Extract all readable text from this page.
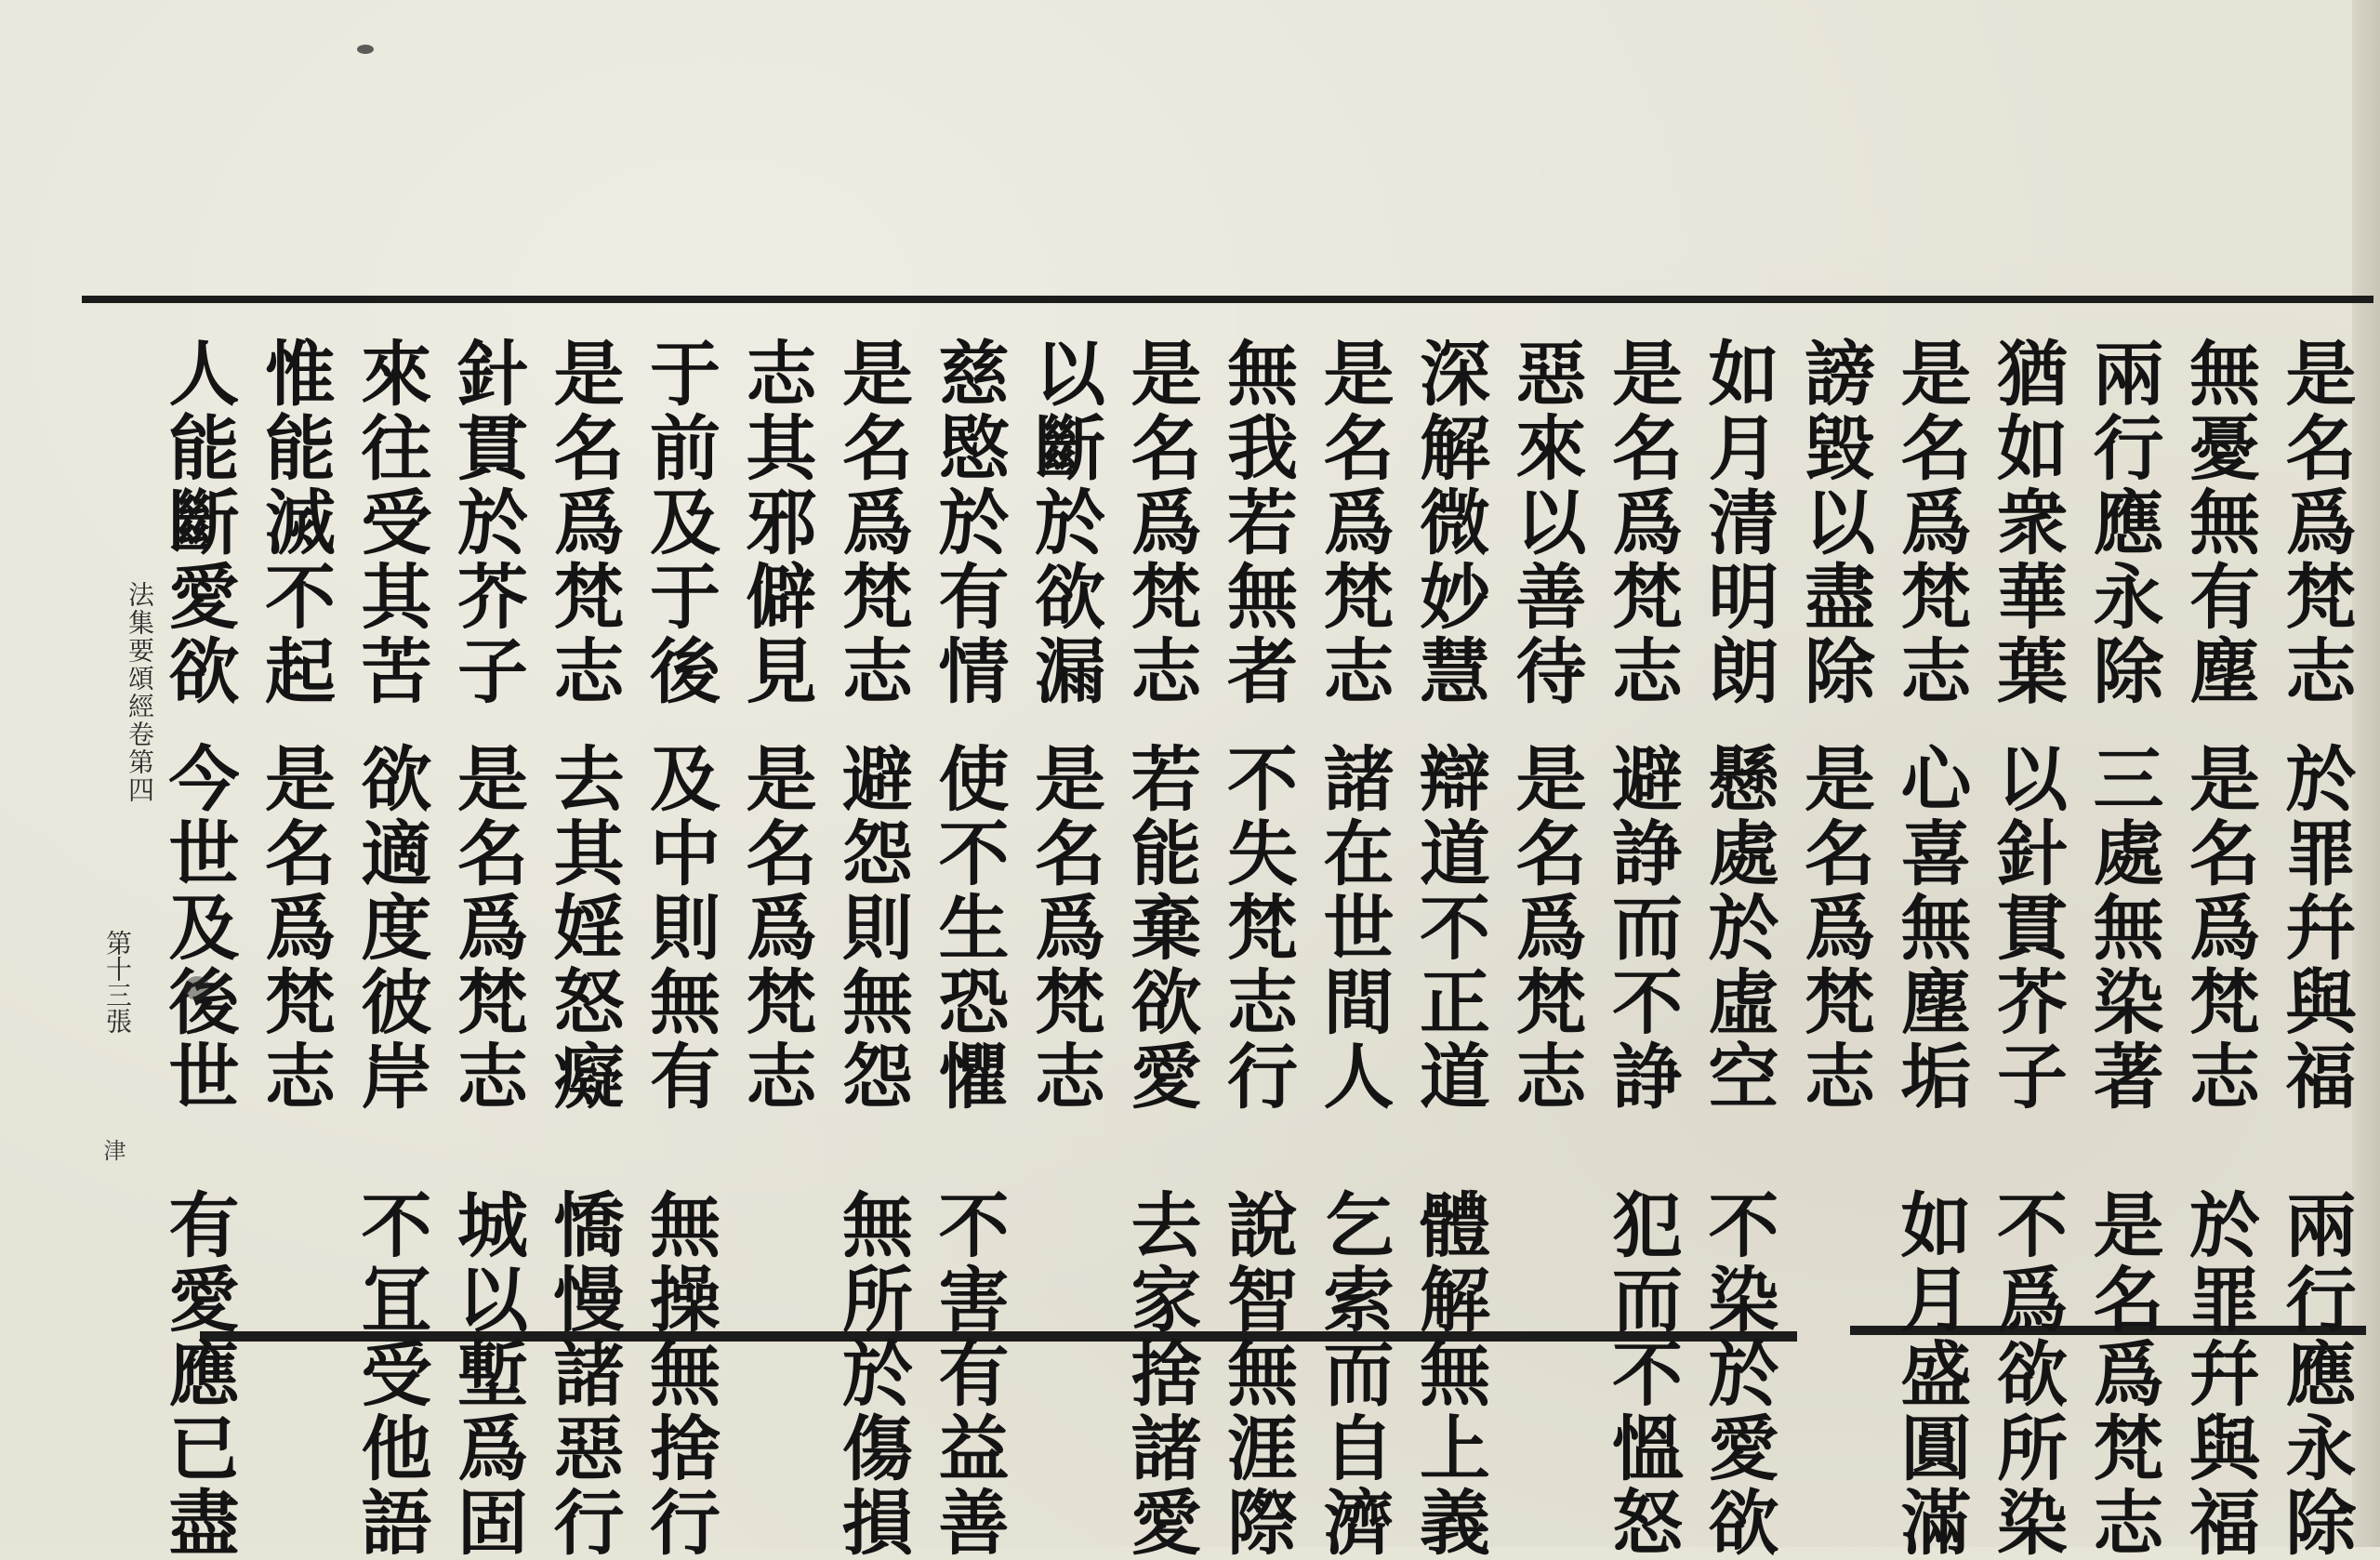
是名爲梵志於罪幷與福　兩行應永除
無憂無有塵是名爲梵志　於罪幷與福
兩行應永除三處無染著　是名爲梵志
猶如衆華葉以針貫芥子　不爲欲所染
是名爲梵志心喜無塵垢　如月盛圓滿
謗毀以盡除是名爲梵志
如月清明朗懸處於虛空　不染於愛欲
是名爲梵志避諍而不諍　犯而不慍怒
惡來以善待是名爲梵志
深解微妙慧辯道不正道　體解無上義
是名爲梵志諸在世間人　乞索而自濟
無我若無者不失梵志行　說智無涯際
是名爲梵志若能棄欲愛　去家捨諸愛
以斷於欲漏是名爲梵志
慈愍於有情使不生恐懼　不害有益善
是名爲梵志避怨則無怨　無所於傷損
志其邪僻見是名爲梵志
于前及于後及中則無有　無操無捨行
是名爲梵志去其婬怒癡　憍慢諸惡行
針貫於芥子是名爲梵志　城以塹爲固
來往受其苦欲適度彼岸　不冝受他語
惟能滅不起是名爲梵志
人能斷愛欲今世及後世　有愛應已盡
法集要頌經卷第四
第十三張
津
